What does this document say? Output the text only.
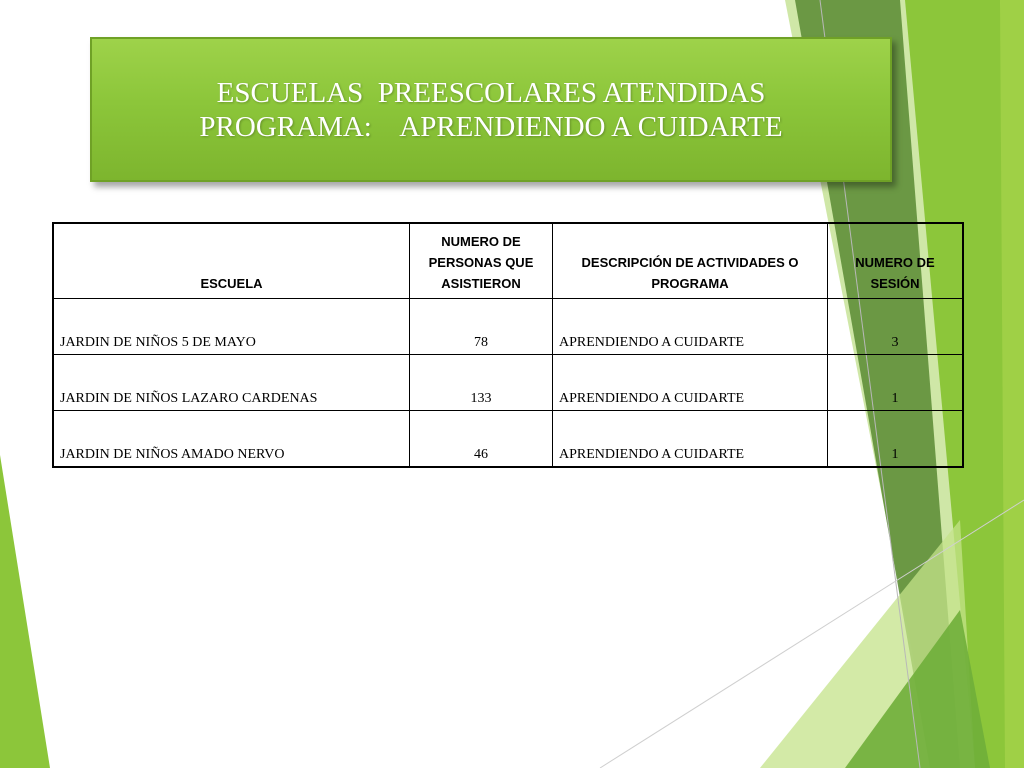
ESCUELAS  PREESCOLARES ATENDIDAS
PROGRAMA:    APRENDIENDO A CUIDARTE
ESCUELA	NUMERO DE PERSONAS QUE ASISTIERON	DESCRIPCIÓN DE ACTIVIDADES O PROGRAMA	NUMERO DE SESIÓN
JARDIN DE NIÑOS 5 DE MAYO	78	APRENDIENDO A CUIDARTE	3
JARDIN DE NIÑOS LAZARO CARDENAS	133	APRENDIENDO A CUIDARTE	1
JARDIN DE NIÑOS AMADO NERVO	46	APRENDIENDO A CUIDARTE	1
